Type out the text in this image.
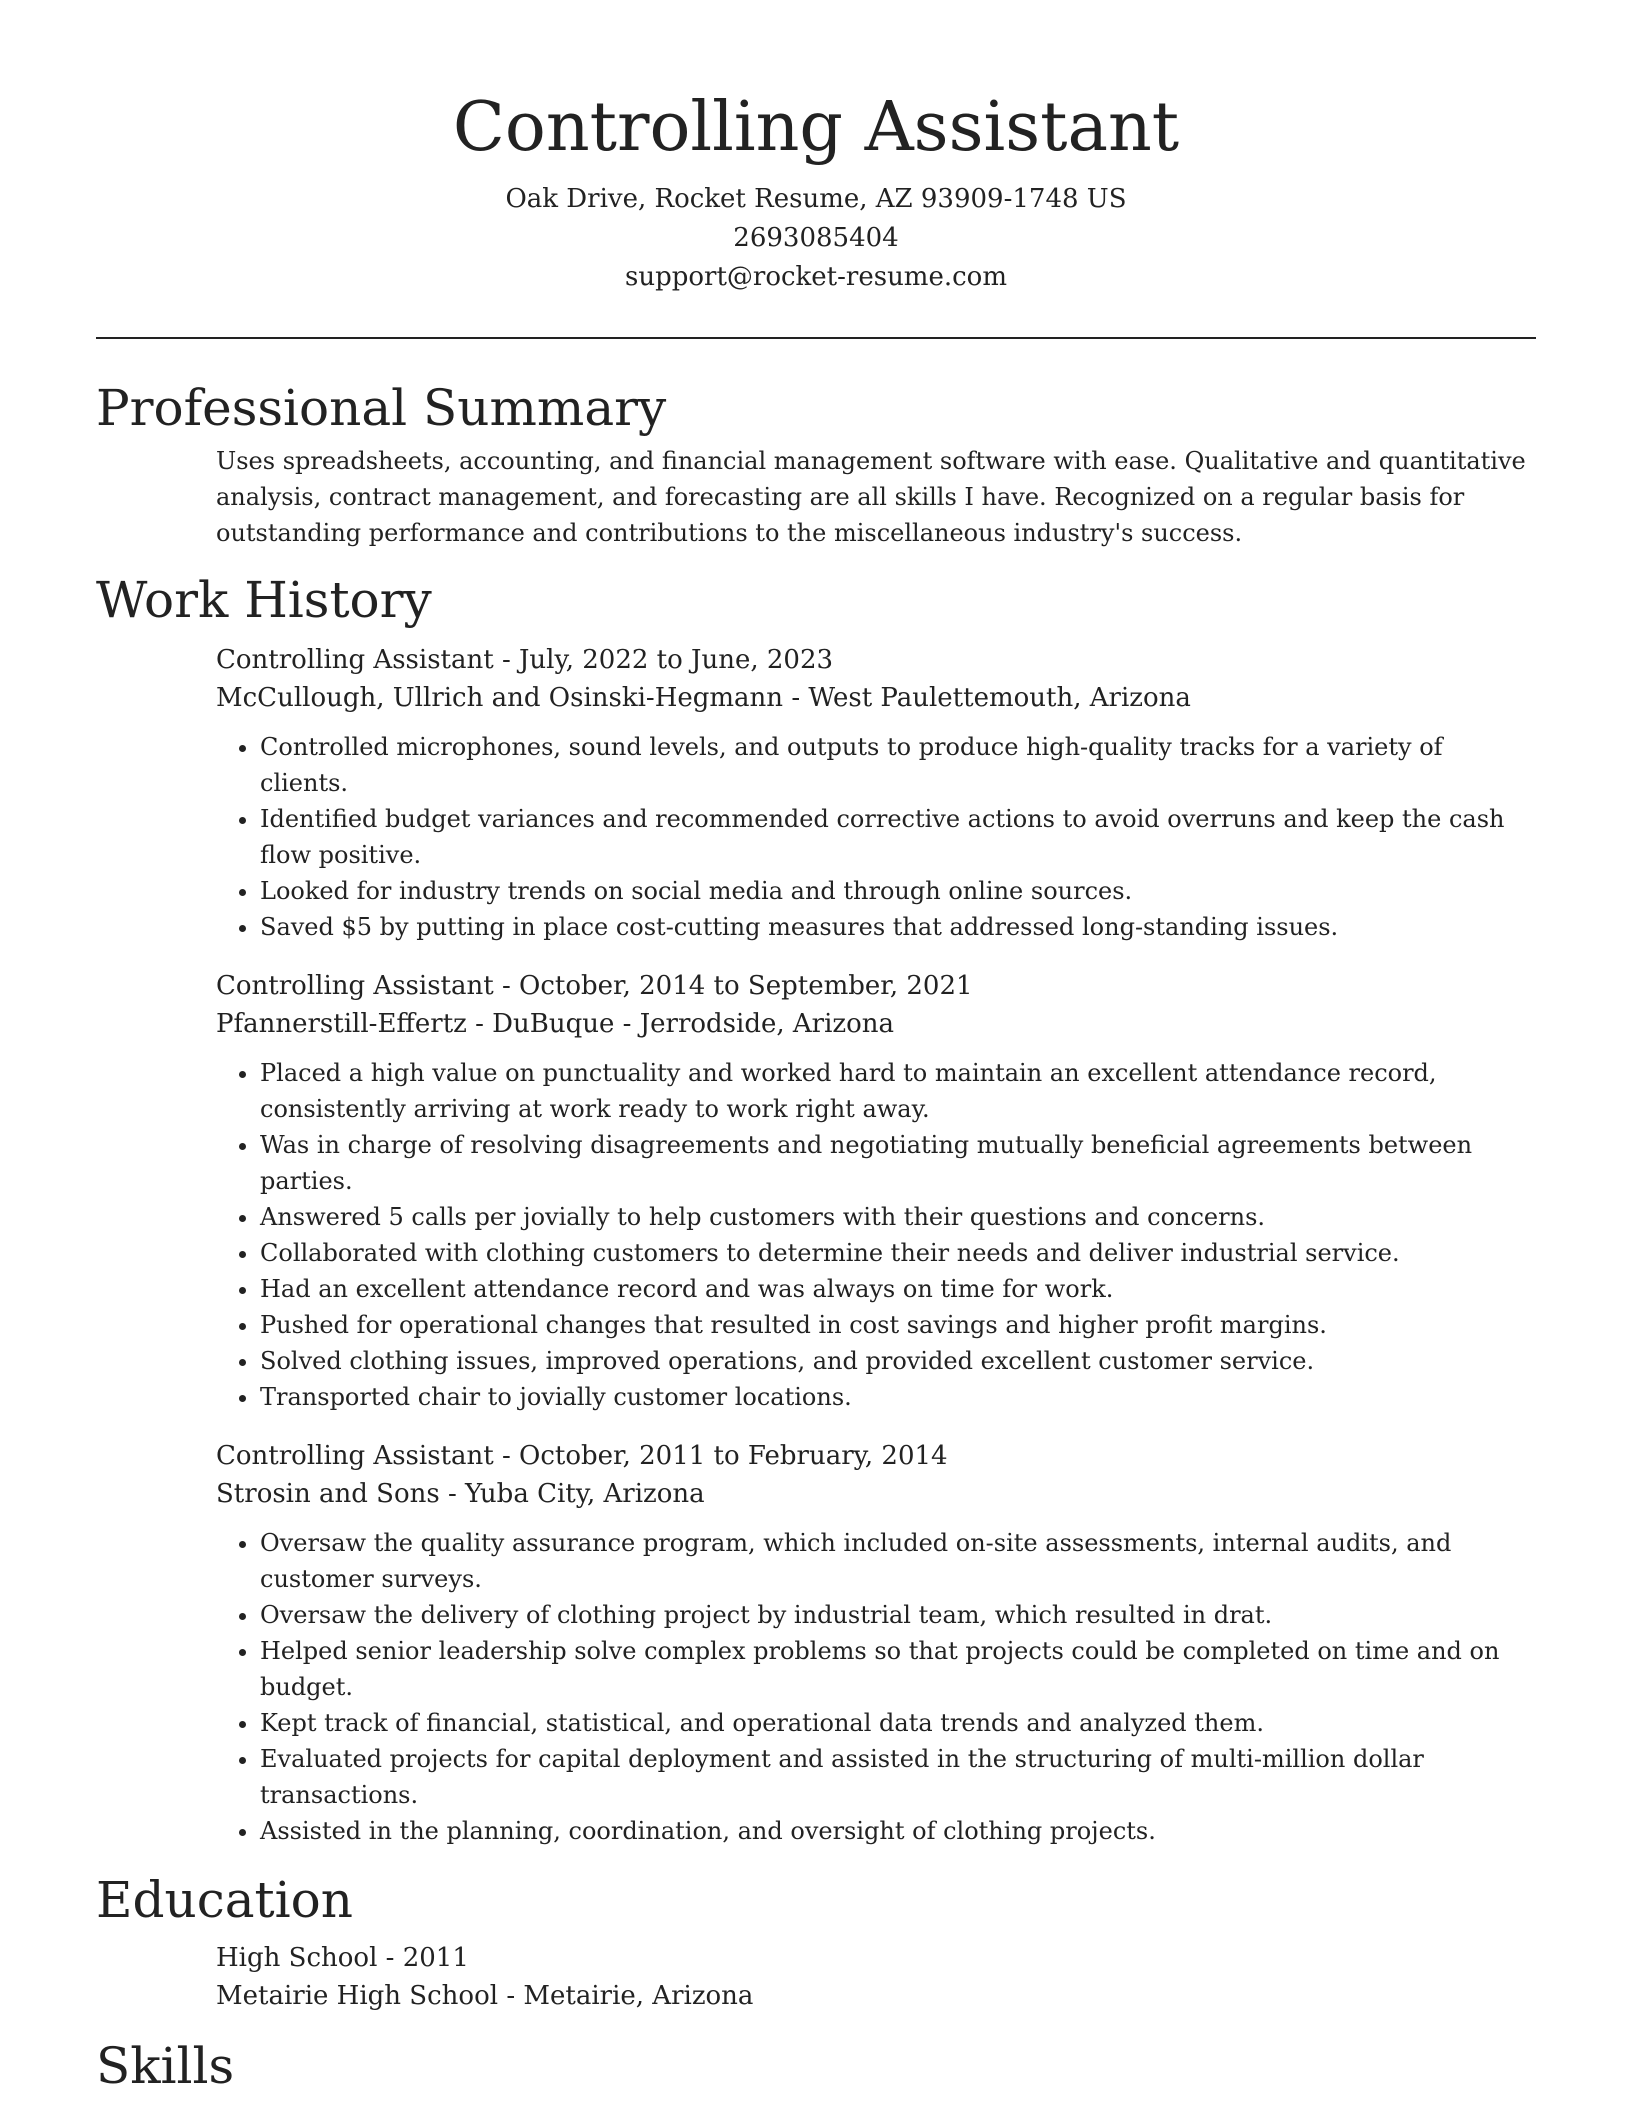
Controlling Assistant

Oak Drive, Rocket Resume, AZ 93909-1748 US

2693085404

support@rocket-resume.com

Professional Summary

Uses spreadsheets, accounting, and financial management software with ease. Qualitative and quantitative analysis, contract management, and forecasting are all skills I have. Recognized on a regular basis for outstanding performance and contributions to the miscellaneous industry's success.

Work History

Controlling Assistant - July, 2022 to June, 2023

McCullough, Ullrich and Osinski-Hegmann - West Paulettemouth, Arizona

• Controlled microphones, sound levels, and outputs to produce high-quality tracks for a variety of clients.
• Identified budget variances and recommended corrective actions to avoid overruns and keep the cash flow positive.
• Looked for industry trends on social media and through online sources.
• Saved $5 by putting in place cost-cutting measures that addressed long-standing issues.

Controlling Assistant - October, 2014 to September, 2021

Pfannerstill-Effertz - DuBuque - Jerrodside, Arizona

• Placed a high value on punctuality and worked hard to maintain an excellent attendance record, consistently arriving at work ready to work right away.
• Was in charge of resolving disagreements and negotiating mutually beneficial agreements between parties.
• Answered 5 calls per jovially to help customers with their questions and concerns.
• Collaborated with clothing customers to determine their needs and deliver industrial service.
• Had an excellent attendance record and was always on time for work.
• Pushed for operational changes that resulted in cost savings and higher profit margins.
• Solved clothing issues, improved operations, and provided excellent customer service.
• Transported chair to jovially customer locations.

Controlling Assistant - October, 2011 to February, 2014

Strosin and Sons - Yuba City, Arizona

• Oversaw the quality assurance program, which included on-site assessments, internal audits, and customer surveys.
• Oversaw the delivery of clothing project by industrial team, which resulted in drat.
• Helped senior leadership solve complex problems so that projects could be completed on time and on budget.
• Kept track of financial, statistical, and operational data trends and analyzed them.
• Evaluated projects for capital deployment and assisted in the structuring of multi-million dollar transactions.
• Assisted in the planning, coordination, and oversight of clothing projects.
Education

High School - 2011

Metairie High School - Metairie, Arizona

Skills
